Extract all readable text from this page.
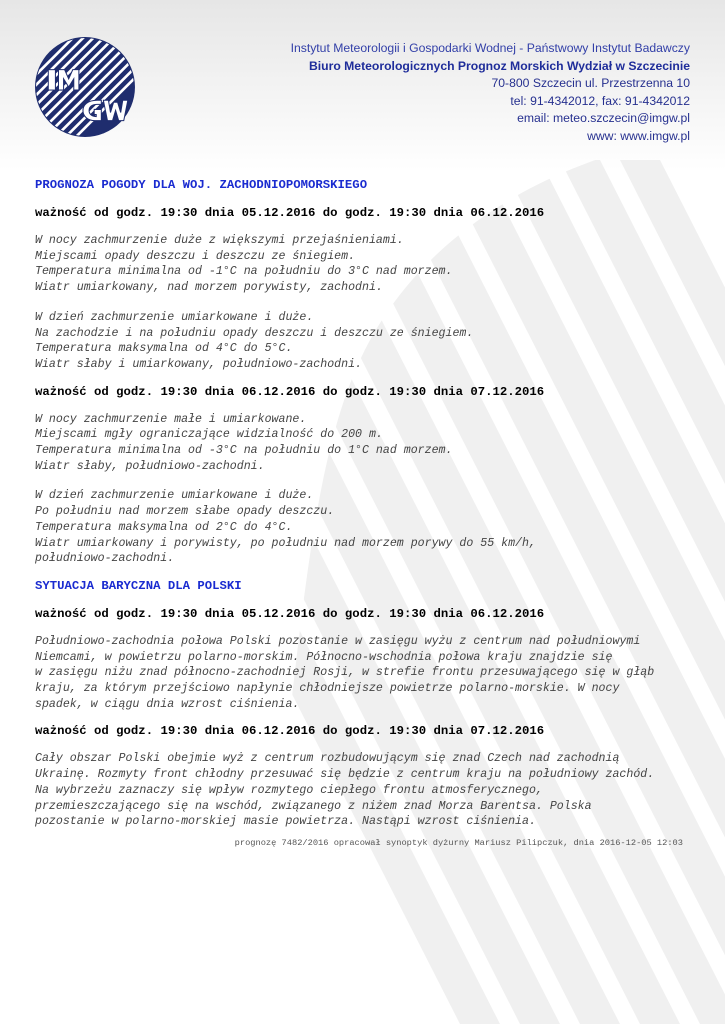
Instytut Meteorologii i Gospodarki Wodnej - Państwowy Instytut Badawczy
Biuro Meteorologicznych Prognoz Morskich Wydział w Szczecinie
70-800 Szczecin ul. Przestrzenna 10
tel: 91-4342012, fax: 91-4342012
email: meteo.szczecin@imgw.pl
www: www.imgw.pl
PROGNOZA POGODY DLA WOJ. ZACHODNIOPOMORSKIEGO
ważność od godz. 19:30 dnia 05.12.2016 do godz. 19:30 dnia 06.12.2016
W nocy zachmurzenie duże z większymi przejaśnieniami.
Miejscami opady deszczu i deszczu ze śniegiem.
Temperatura minimalna od -1°C na południu do 3°C nad morzem.
Wiatr umiarkowany, nad morzem porywisty, zachodni.
W dzień zachmurzenie umiarkowane i duże.
Na zachodzie i na południu opady deszczu i deszczu ze śniegiem.
Temperatura maksymalna od 4°C do 5°C.
Wiatr słaby i umiarkowany, południowo-zachodni.
ważność od godz. 19:30 dnia 06.12.2016 do godz. 19:30 dnia 07.12.2016
W nocy zachmurzenie małe i umiarkowane.
Miejscami mgły ograniczające widzialność do 200 m.
Temperatura minimalna od -3°C na południu do 1°C nad morzem.
Wiatr słaby, południowo-zachodni.
W dzień zachmurzenie umiarkowane i duże.
Po południu nad morzem słabe opady deszczu.
Temperatura maksymalna od 2°C do 4°C.
Wiatr umiarkowany i porywisty, po południu nad morzem porywy do 55 km/h,
południowo-zachodni.
SYTUACJA BARYCZNA DLA POLSKI
ważność od godz. 19:30 dnia 05.12.2016 do godz. 19:30 dnia 06.12.2016
Południowo-zachodnia połowa Polski pozostanie w zasięgu wyżu z centrum nad południowymi
Niemcami, w powietrzu polarno-morskim. Północno-wschodnia połowa kraju znajdzie się
w zasięgu niżu znad północno-zachodniej Rosji, w strefie frontu przesuwającego się w głąb
kraju, za którym przejściowo napłynie chłodniejsze powietrze polarno-morskie. W nocy
spadek, w ciągu dnia wzrost ciśnienia.
ważność od godz. 19:30 dnia 06.12.2016 do godz. 19:30 dnia 07.12.2016
Cały obszar Polski obejmie wyż z centrum rozbudowującym się znad Czech nad zachodnią
Ukrainę. Rozmyty front chłodny przesuwać się będzie z centrum kraju na południowy zachód.
Na wybrzeżu zaznaczy się wpływ rozmytego ciepłego frontu atmosferycznego,
przemieszczającego się na wschód, związanego z niżem znad Morza Barentsa. Polska
pozostanie w polarno-morskiej masie powietrza. Nastąpi wzrost ciśnienia.
prognozę 7482/2016 opracował synoptyk dyżurny Mariusz Pilipczuk, dnia 2016-12-05 12:03
